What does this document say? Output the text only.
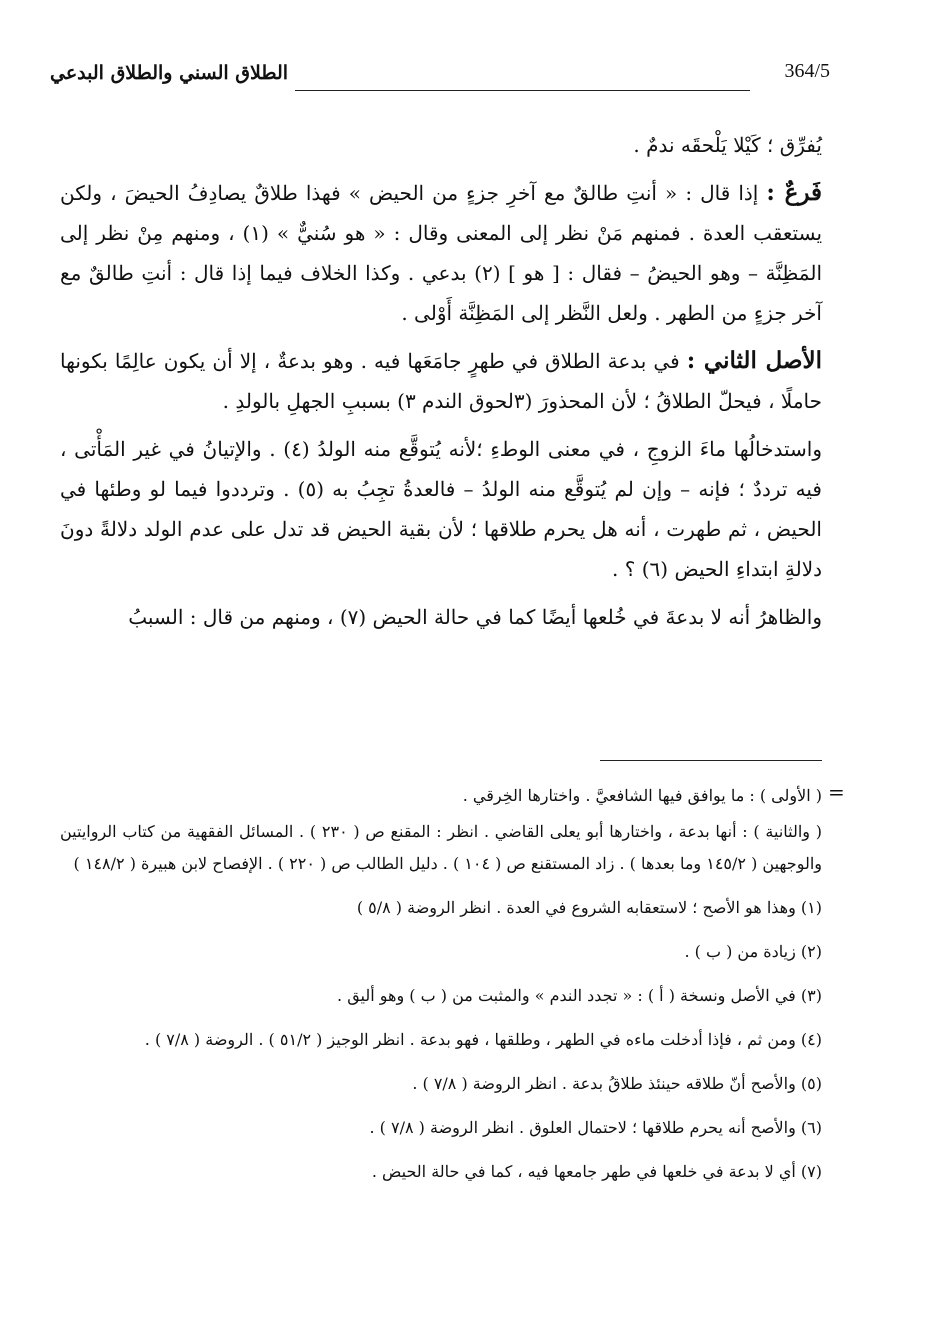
الطلاق السني والطلاق البدعي	364/5

يُفرِّق ؛ كَيْلا يَلْحقَه ندمٌ .

فَرعٌ : إذا قال : « أنتِ طالقٌ مع آخرِ جزءٍ من الحيض » فهذا طلاقٌ يصادِفُ الحيضَ ، ولكن يستعقب العدة . فمنهم مَنْ نظر إلى المعنى وقال : « هو سُنيٌّ » (١) ، ومنهم مِنْ نظر إلى المَظِنَّة – وهو الحيضُ – فقال : [ هو ] (٢) بدعي . وكذا الخلاف فيما إذا قال : أنتِ طالقٌ مع آخر جزءٍ من الطهر . ولعل النَّظر إلى المَظِنَّة أَوْلى .

الأصل الثاني : في بدعة الطلاق في طهرٍ جامَعَها فيه . وهو بدعةٌ ، إلا أن يكون عالِمًا بكونها حاملًا ، فيحلّ الطلاقُ ؛ لأن المحذورَ (٣لحوق الندم ٣) بسببِ الجهلِ بالولدِ .

واستدخالُها ماءَ الزوجِ ، في معنى الوطءِ ؛لأنه يُتوقَّع منه الولدُ (٤) . والإتيانُ في غير المَأْتى ، فيه ترددٌ ؛ فإنه – وإن لم يُتوقَّع منه الولدُ – فالعدةُ تجِبُ به (٥) . وترددوا فيما لو وطئها في الحيض ، ثم طهرت ، أنه هل يحرم طلاقها ؛ لأن بقية الحيض قد تدل على عدم الولد دلالةً دونَ دلالةِ ابتداءِ الحيض (٦) ؟ .

والظاهرُ أنه لا بدعةَ في خُلعها أيضًا كما في حالة الحيض (٧) ، ومنهم من قال : السببُ

=

( الأولى ) : ما يوافق فيها الشافعيَّ . واختارها الخِرقي .

( والثانية ) : أنها بدعة ، واختارها أبو يعلى القاضي . انظر : المقنع ص ( ٢٣٠ ) . المسائل الفقهية من كتاب الروايتين والوجهين ( ١٤٥/٢ وما بعدها ) . زاد المستقنع ص ( ١٠٤ ) . دليل الطالب ص ( ٢٢٠ ) . الإفصاح لابن هبيرة ( ١٤٨/٢ )

(١) وهذا هو الأصح ؛ لاستعقابه الشروع في العدة . انظر الروضة ( ٥/٨ )

(٢) زيادة من ( ب ) .

(٣) في الأصل ونسخة ( أ ) : « تجدد الندم » والمثبت من ( ب ) وهو أليق .

(٤) ومن ثم ، فإذا أدخلت ماءه في الطهر ، وطلقها ، فهو بدعة . انظر الوجيز ( ٥١/٢ ) . الروضة ( ٧/٨ ) .

(٥) والأصح أنّ طلاقه حينئذ طلاقُ بدعة . انظر الروضة ( ٧/٨ ) .

(٦) والأصح أنه يحرم طلاقها ؛ لاحتمال العلوق . انظر الروضة ( ٧/٨ ) .

(٧) أي لا بدعة في خلعها في طهر جامعها فيه ، كما في حالة الحيض .
